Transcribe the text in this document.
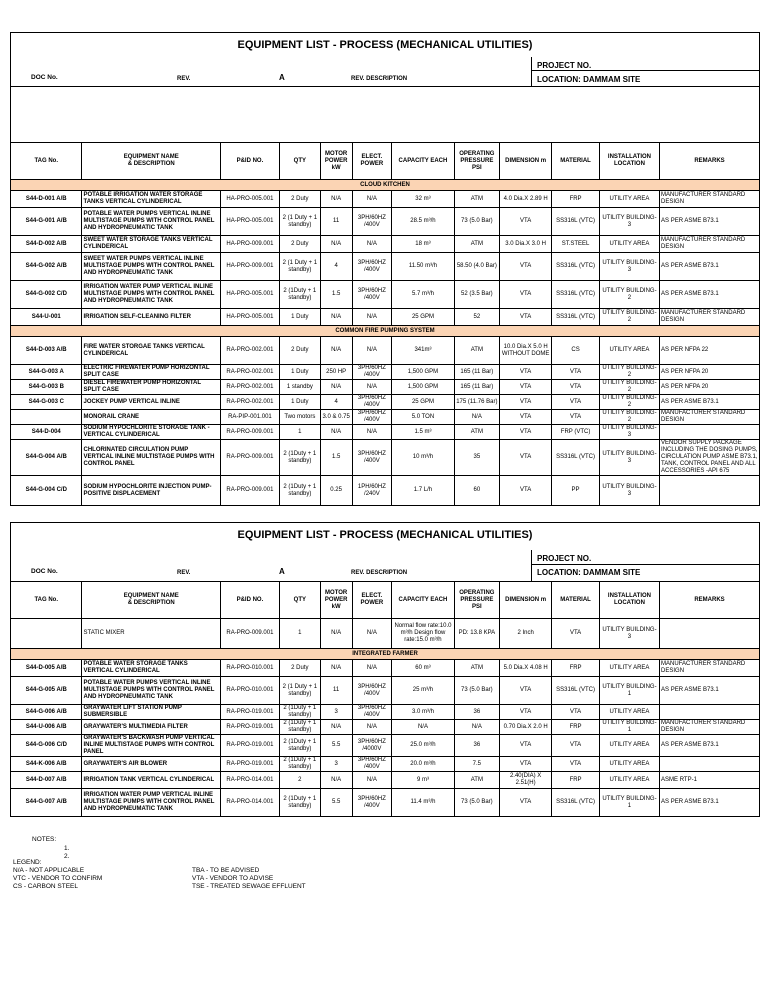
EQUIPMENT LIST - PROCESS (MECHANICAL UTILITIES)
PROJECT NO.
LOCATION: DAMMAM SITE
DOC No.	REV.	A	REV. DESCRIPTION
TAG No.	EQUIPMENT NAME
& DESCRIPTION	P&ID NO.	QTY	MOTOR POWER kW	ELECT. POWER	CAPACITY EACH	OPERATING PRESSURE PSI	DIMENSION m	MATERIAL	INSTALLATION LOCATION	REMARKS
CLOUD KITCHEN											
S44-D-001 A/B	POTABLE IRRIGATION WATER STORAGE TANKS VERTICAL CYLINDERICAL	HA-PRO-005.001	2 Duty	N/A	N/A	32 m³	ATM	4.0 Dia.X 2.89 H	FRP	UTILITY AREA	MANUFACTURER STANDARD DESIGN
S44-G-001 A/B	POTABLE WATER PUMPS VERTICAL INLINE MULTISTAGE PUMPS WITH CONTROL PANEL AND HYDROPNEUMATIC TANK	HA-PRO-005.001	2 (1 Duty + 1 standby)	11	3PH/60HZ /400V	28.5 m³/h	73 (5.0 Bar)	VTA	SS316L (VTC)	UTILITY BUILDING-3	AS PER ASME B73.1
S44-D-002 A/B	SWEET WATER STORAGE TANKS VERTICAL CYLINDERICAL	HA-PRO-009.001	2 Duty	N/A	N/A	18 m³	ATM	3.0 Dia.X 3.0 H	ST.STEEL	UTILITY AREA	MANUFACTURER STANDARD DESIGN
S44-G-002 A/B	SWEET WATER PUMPS VERTICAL INLINE MULTISTAGE PUMPS WITH CONTROL PANEL AND HYDROPNEUMATIC TANK	HA-PRO-009.001	2 (1 Duty + 1 standby)	4	3PH/60HZ /400V	11.50 m³/h	58.50 (4.0 Bar)	VTA	SS316L (VTC)	UTILITY BUILDING-3	AS PER ASME B73.1
S44-G-002 C/D	IRRIGATION WATER PUMP VERTICAL INLINE MULTISTAGE PUMPS WITH CONTROL PANEL AND HYDROPNEUMATIC TANK	HA-PRO-005.001	2 (1Duty + 1 standby)	1.5	3PH/60HZ /400V	5.7 m³/h	52 (3.5 Bar)	VTA	SS316L (VTC)	UTILITY BUILDING-2	AS PER ASME B73.1
S44-U-001	IRRIGATION SELF-CLEANING FILTER	HA-PRO-005.001	1 Duty	N/A	N/A	25 GPM	52	VTA	SS316L (VTC)	UTILITY BUILDING-2	MANUFACTURER STANDARD DESIGN
COMMON FIRE PUMPING SYSTEM											
S44-D-003 A/B	FIRE WATER STORGAE TANKS VERTICAL CYLINDERICAL	RA-PRO-002.001	2 Duty	N/A	N/A	341m³	ATM	10.0 Dia.X 5.0 H WITHOUT DOME	CS	UTILITY AREA	AS PER NFPA 22
S44-G-003 A	ELECTRIC FIREWATER PUMP HORIZONTAL SPLIT CASE	RA-PRO-002.001	1 Duty	250 HP	3PH/60HZ /400V	1,500 GPM	165 (11 Bar)	VTA	VTA	UTILITY BUILDING-2	AS PER NFPA 20
S44-G-003 B	DIESEL FIREWATER PUMP HORIZONTAL SPLIT CASE	RA-PRO-002.001	1 standby	N/A	N/A	1,500 GPM	165 (11 Bar)	VTA	VTA	UTILITY BUILDING-2	AS PER NFPA 20
S44-G-003 C	JOCKEY PUMP VERTICAL INLINE	RA-PRO-002.001	1 Duty	4	3PH/60HZ /400V	25 GPM	175 (11.76 Bar)	VTA	VTA	UTILITY BUILDING-2	AS PER ASME B73.1
	MONORAIL CRANE	RA-PIP-001.001	Two motors	3.0 & 0.75	3PH/60HZ /400V	5.0 TON	N/A	VTA	VTA	UTILITY BUILDING-2	MANUFACTURER STANDARD DESIGN
S44-D-004	SODIUM HYPOCHLORITE STORAGE TANK - VERTICAL CYLINDERICAL	RA-PRO-009.001	1	N/A	N/A	1.5 m³	ATM	VTA	FRP (VTC)	UTILITY BUILDING-3	
S44-G-004 A/B	CHLORINATED CIRCULATION PUMP VERTICAL INLINE MULTISTAGE PUMPS WITH CONTROL PANEL	RA-PRO-009.001	2 (1Duty + 1 standby)	1.5	3PH/60HZ /400V	10 m³/h	35	VTA	SS316L (VTC)	UTILITY BUILDING-3	VENDOR SUPPLY PACKAGE INCLUDING THE DOSING PUMPS, CIRCULATION PUMP ASME B73.1, TANK, CONTROL PANEL AND ALL ACCESSORIES -API 675
S44-G-004 C/D	SODIUM HYPOCHLORITE INJECTION PUMP- POSITIVE DISPLACEMENT	RA-PRO-009.001	2 (1Duty + 1 standby)	0.25	1PH/60HZ /240V	1.7 L/h	60	VTA	PP	UTILITY BUILDING-3	
EQUIPMENT LIST - PROCESS (MECHANICAL UTILITIES)
PROJECT NO.
LOCATION: DAMMAM SITE
DOC No.	REV.	A	REV. DESCRIPTION
TAG No.	EQUIPMENT NAME
& DESCRIPTION	P&ID NO.	QTY	MOTOR POWER kW	ELECT. POWER	CAPACITY EACH	OPERATING PRESSURE PSI	DIMENSION m	MATERIAL	INSTALLATION LOCATION	REMARKS
	STATIC MIXER	RA-PRO-009.001	1	N/A	N/A	Normal flow rate:10.0 m³/h Design flow rate:15.0 m³/h	PD: 13.8 KPA	2 Inch	VTA	UTILITY BUILDING-3	
INTEGRATED FARMER											
S44-D-005 A/B	POTABLE WATER STORAGE TANKS VERTICAL CYLINDERICAL	RA-PRO-010.001	2 Duty	N/A	N/A	60 m³	ATM	5.0 Dia.X 4.08 H	FRP	UTILITY AREA	MANUFACTURER STANDARD DESIGN
S44-G-005 A/B	POTABLE WATER PUMPS VERTICAL INLINE MULTISTAGE PUMPS WITH CONTROL PANEL AND HYDROPNEUMATIC TANK	RA-PRO-010.001	2 (1 Duty + 1 standby)	11	3PH/60HZ /400V	25 m³/h	73 (5.0 Bar)	VTA	SS316L (VTC)	UTILITY BUILDING-1	AS PER ASME B73.1
S44-G-006 A/B	GRAYWATER LIFT STATION PUMP SUBMERSIBLE	RA-PRO-019.001	2 (1Duty + 1 standby)	3	3PH/60HZ /400V	3.0 m³/h	36	VTA	VTA	UTILITY AREA	
S44-U-006 A/B	GRAYWATER'S MULTIMEDIA FILTER	RA-PRO-019.001	2 (1Duty + 1 standby)	N/A	N/A	N/A	N/A	0.70 Dia.X 2.0 H	FRP	UTILITY BUILDING-1	MANUFACTURER STANDARD DESIGN
S44-G-006 C/D	GRAYWATER'S BACKWASH PUMP VERTICAL INLINE MULTISTAGE PUMPS WITH CONTROL PANEL	RA-PRO-019.001	2 (1Duty + 1 standby)	5.5	3PH/60HZ /4000V	25.0 m³/h	36	VTA	VTA	UTILITY AREA	AS PER ASME B73.1
S44-K-006 A/B	GRAYWATER'S AIR BLOWER	RA-PRO-019.001	2 (1Duty + 1 standby)	3	3PH/60HZ /400V	20.0 m³/h	7.5	VTA	VTA	UTILITY AREA	
S44-D-007 A/B	IRRIGATION TANK VERTICAL CYLINDERICAL	RA-PRO-014.001	2	N/A	N/A	9 m³	ATM	2.40(DIA) X 2.51(H)	FRP	UTILITY AREA	ASME RTP-1
S44-G-007 A/B	IRRIGATION WATER PUMP VERTICAL INLINE MULTISTAGE PUMPS WITH CONTROL PANEL AND HYDROPNEUMATIC TANK	RA-PRO-014.001	2 (1Duty + 1 standby)	5.5	3PH/60HZ /400V	11.4 m³/h	73 (5.0 Bar)	VTA	SS316L (VTC)	UTILITY BUILDING-1	AS PER ASME B73.1
NOTES:
1.
2.
LEGEND:
N/A - NOT APPLICABLE
VTC - VENDOR TO CONFIRM
CS - CARBON STEEL
TBA - TO BE ADVISED
VTA - VENDOR TO ADVISE
TSE - TREATED SEWAGE EFFLUENT
